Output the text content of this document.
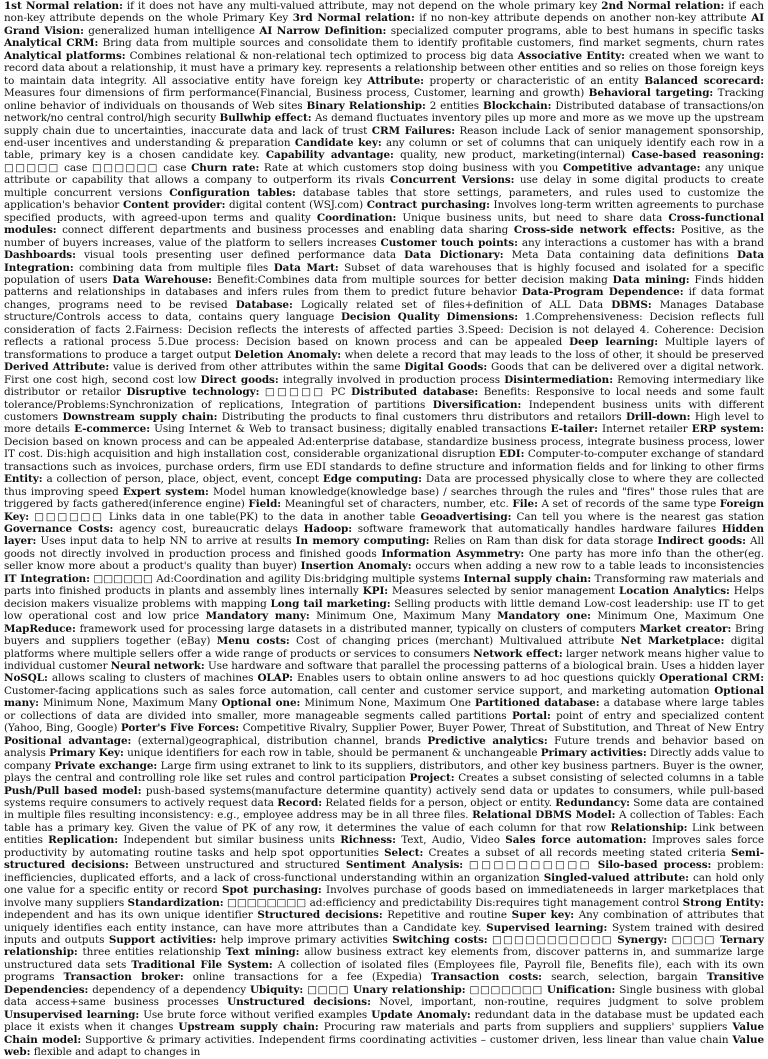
1st Normal relation : if it does not have any multi-valued attribute, may not depend on the whole primary key 2nd Normal relation : if each non-key attribute depends on the whole Primary Key 3rd Normal relation : if no non-key attribute depends on another non-key attribute AI Grand Vision : generalized human intelligence AI Narrow Definition : specialized computer programs, able to best humans in specific tasksAnalytical CRM : Bring data from multiple sources and consolidate them to identify profitable customers, find market segments, churn ratesAnalytical platforms : Combines relational & non-relational tech optimized to process big data Associative Entity : created when we want to record data about a relationship, it must have a primary key. represents a relationship between other entities and so relies on those foreign keys to maintain data integrity. All associative entity have foreign key Attribute : property or characteristic of an entity Balanced scorecard : Measures four dimensions of firm performance(Financial, Business process, Customer, learning and growth) Behavioral targeting : Tracking online behavior of individuals on thousands of Web sites Binary Relationship : 2 entities Blockchain : Distributed database of transactions/on network/no central control/high security Bullwhip effect : As demand fluctuates inventory piles up more and more as we move up the upstream supply chain due to uncertainties, inaccurate data and lack of trust CRM Failures : Reason include Lack of senior management sponsorship, end-user incentives and understanding & preparation Candidate key : any column or set of columns that can uniquely identify each row in a table, primary key is a chosen candidate key. Capability advantage : quality, new product, marketing(internal) Case-based reasoning : □□□□□ case □□□□□□ case Churn rate : Rate at which customers stop doing business with you Competitive advantage : any unique attribute or capability that allows a company to outperform its rivals Concurrent Versions : use delay in some digital products to create multiple concurrent versions Configuration tables : database tables that store settings, parameters, and rules used to customize the application's behavior Content provider : digital content (WSJ.com) Contract purchasing : Involves long-term written agreements to purchase specified products, with agreed-upon terms and quality Coordination : Unique business units, but need to share data Cross-functional modules : connect different departments and business processes and enabling data sharing Cross-side network effects : Positive, as the number of buyers increases, value of the platform to sellers increases Customer touch points : any interactions a customer has with a brandDashboards : visual tools presenting user defined performance data Data Dictionary : Meta Data containing data definitions Data Integration : combining data from multiple files Data Mart : Subset of data warehouses that is highly focused and isolated for a specific population of users Data Warehouse : Benefit:Combines data from multiple sources for better decision making Data mining : Finds hidden patterns and relationships in databases and infers rules from them to predict future behavior Data-Program Dependence : if data format changes, programs need to be revised Database : Logically related set of files+definition of ALL Data DBMS : Manages Database structure/Controls access to data, contains query language Decision Quality Dimensions : 1.Comprehensiveness: Decision reflects full consideration of facts 2.Fairness: Decision reflects the interests of affected parties 3.Speed: Decision is not delayed 4. Coherence: Decision reflects a rational process 5.Due process: Decision based on known process and can be appealed Deep learning : Multiple layers of transformations to produce a target output Deletion Anomaly : when delete a record that may leads to the loss of other, it should be preservedDerived Attribute : value is derived from other attributes within the same Digital Goods : Goods that can be delivered over a digital network. First one cost high, second cost low Direct goods : integrally involved in production process Disintermediation : Removing intermediary like distributor or retailor Disruptive technology : □□□□□ PC Distributed database : Benefits: Responsive to local needs and some fault tolerance/Problems:Synchronization of replications, Integration of partitions Diversification : Independent business units with different customers Downstream supply chain : Distributing the products to final customers thru distributors and retailors Drill-down : High level to more details E-commerce : Using Internet & Web to transact business; digitally enabled transactions E-tailer : Internet retailer ERP system : Decision based on known process and can be appealed Ad:enterprise database, standardize business process, integrate business process, lower IT cost. Dis:high acquisition and high installation cost, considerable organizational disruption EDI : Computer-to-computer exchange of standard transactions such as invoices, purchase orders, firm use EDI standards to define structure and information fields and for linking to other firmsEntity : a collection of person, place, object, event, concept Edge computing : Data are processed physically close to where they are collected thus improving speed Expert system : Model human knowledge(knowledge base) / searches through the rules and "fires" those rules that are triggered by facts gathered(inference engine) Field : Meaningful set of characters, number, etc. File : A set of records of the same type Foreign Key : □□□□□□ Links data in one table(PK) to the data in another table Geoadvertising : Can tell you where is the nearest gas stationGovernance Costs : agency cost, bureaucratic delays Hadoop : software framework that automatically handles hardware failures Hidden layer : Uses input data to help NN to arrive at results In memory computing : Relies on Ram than disk for data storage Indirect goods : All goods not directly involved in production process and finished goods Information Asymmetry : One party has more info than the other(eg. seller know more about a product's quality than buyer) Insertion Anomaly : occurs when adding a new row to a table leads to inconsistenciesIT Integration : □□□□□□ Ad:Coordination and agility Dis:bridging multiple systems Internal supply chain : Transforming raw materials and parts into finished products in plants and assembly lines internally KPI : Measures selected by senior management Location Analytics : Helps decision makers visualize problems with mapping Long tail marketing : Selling products with little demand Low-cost leadership: use IT to get low operational cost and low price Mandatory many : Minimum One, Maximum Many Mandatory one : Minimum One, Maximum OneMapReduce : framework used for processing large datasets in a distributed manner, typically on clusters of computers Market creator : Bring buyers and suppliers together (eBay) Menu costs : Cost of changing prices (merchant) Multivalued attribute Net Marketplace : digital platforms where multiple sellers offer a wide range of products or services to consumers Network effect : larger network means higher value to individual customer Neural network : Use hardware and software that parallel the processing patterns of a biological brain. Uses a hidden layerNoSQL : allows scaling to clusters of machines OLAP : Enables users to obtain online answers to ad hoc questions quickly Operational CRM : Customer-facing applications such as sales force automation, call center and customer service support, and marketing automation Optional many : Minimum None, Maximum Many Optional one : Minimum None, Maximum One Partitioned database : a database where large tables or collections of data are divided into smaller, more manageable segments called partitions Portal : point of entry and specialized content (Yahoo, Bing, Google) Porter's Five Forces : Competitive Rivalry, Supplier Power, Buyer Power, Threat of Substitution, and Threat of New EntryPositional advantage : (external)geographical, distribution channel, brands Predictive analytics : Future trends and behavior based on analysis Primary Key : unique identifiers for each row in table, should be permanent & unchangeable Primary activities : Directly adds value to company Private exchange : Large firm using extranet to link to its suppliers, distributors, and other key business partners. Buyer is the owner, plays the central and controlling role like set rules and control participation Project : Creates a subset consisting of selected columns in a tablePush/Pull based model : push-based systems(manufacture determine quantity) actively send data or updates to consumers, while pull-based systems require consumers to actively request data Record : Related fields for a person, object or entity. Redundancy : Some data are contained in multiple files resulting inconsistency: e.g., employee address may be in all three files. Relational DBMS Model : A collection of Tables: Each table has a primary key. Given the value of PK of any row, it determines the value of each column for that row Relationship : Link between entities Replication : Independent but similar business units Richness : Text, Audio, Video Sales force automation : Improves sales force productivity by automating routine tasks and help spot opportunities Select : Creates a subset of all records meeting stated criteria Semi-structured decisions : Between unstructured and structured Sentiment Analysis : □□□□□□□□□□ Silo-based process : problem: inefficiencies, duplicated efforts, and a lack of cross-functional understanding within an organization Singled-valued attribute : can hold only one value for a specific entity or record Spot purchasing : Involves purchase of goods based on immediateneeds in larger marketplaces that involve many suppliers Standardization : □□□□□□□□ ad:efficiency and predictability Dis:requires tight management control Strong Entity : independent and has its own unique identifier Structured decisions : Repetitive and routine Super key : Any combination of attributes that uniquely identifies each entity instance, can have more attributes than a Candidate key. Supervised learning : System trained with desired inputs and outputs Support activities : help improve primary activities Switching costs : □□□□□□□□□□□ Synergy : □□□□ Ternary relationship : three entities relationship Text mining : allow business extract key elements from, discover patterns in, and summarize large unstructured data sets Traditional File System : A collection of isolated files (Employees file, Payroll file, Benefits file), each with its own programs Transaction broker : online transactions for a fee (Expedia) Transaction costs : search, selection, bargain Transitive Dependencies : dependency of a dependency Ubiquity : □□□□ Unary relationship : □□□□□□□ Unification : Single business with global data access+same business processes Unstructured decisions : Novel, important, non-routine, requires judgment to solve problemUnsupervised learning : Use brute force without verified examples Update Anomaly : redundant data in the database must be updated each place it exists when it changes Upstream supply chain : Procuring raw materials and parts from suppliers and suppliers' suppliers Value Chain model : Supportive & primary activities. Independent firms coordinating activities – customer driven, less linear than value chain Value web : flexible and adapt to changes in
